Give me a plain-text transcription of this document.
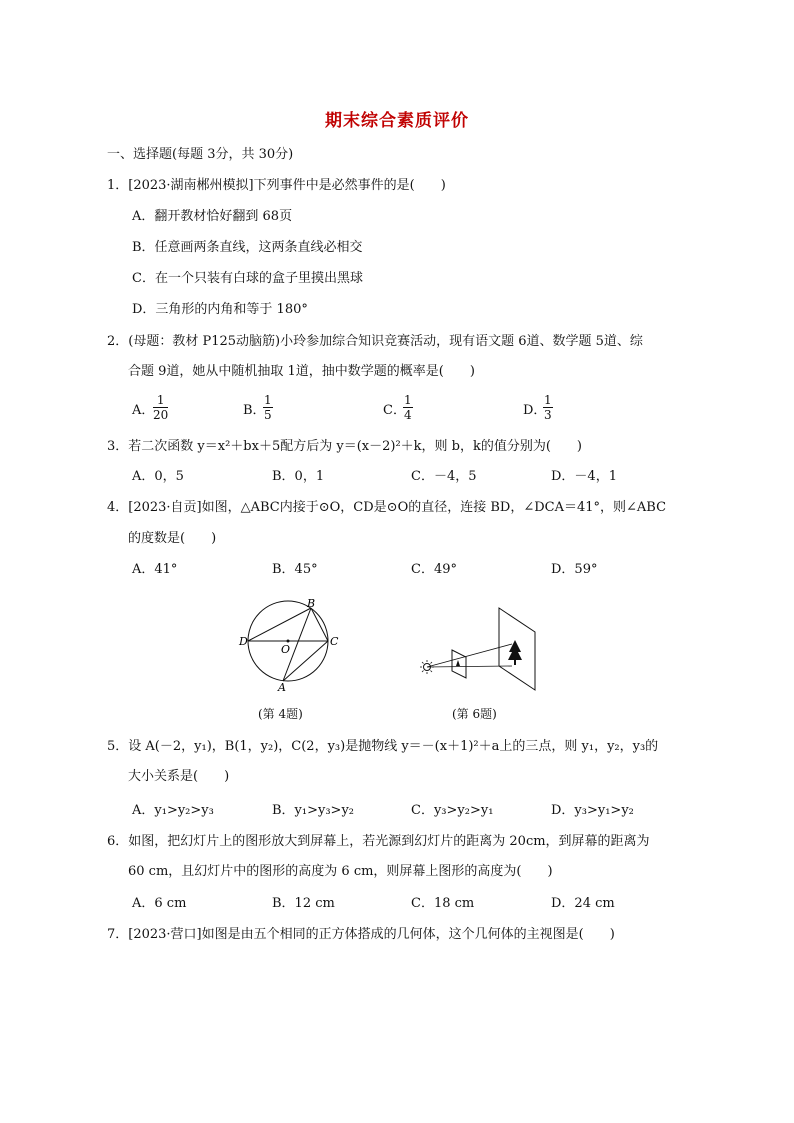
期末综合素质评价
一、选择题(每题 3分，共 30分)
1．[2023·湖南郴州模拟]下列事件中是必然事件的是(　　)
A．翻开教材恰好翻到 68页
B．任意画两条直线，这两条直线必相交
C．在一个只装有白球的盒子里摸出黑球
D．三角形的内角和等于 180°
2．(母题：教材 P125动脑筋)小玲参加综合知识竞赛活动，现有语文题 6道、数学题 5道、综
合题 9道，她从中随机抽取 1道，抽中数学题的概率是(　　)
A．
$\frac{1}{20}$	B．
$\frac{1}{5}$	C．
$\frac{1}{4}$	D．
$\frac{1}{3}$
3．若二次函数 y＝x²＋bx＋5配方后为 y＝(x－2)²＋k，则 b，k的值分别为(　　)
A．0，5	B．0，1	C．－4，5	D．－4，1
4．[2023·自贡]如图，△ABC内接于⊙O，CD是⊙O的直径，连接 BD，∠DCA＝41°，则∠ABC
的度数是(　　)
A．41°	B．45°	C．49°	D．59°
B
D
O
C
A
(第 4题)	(第 6题)
5．设 A(－2，y₁)，B(1，y₂)，C(2，y₃)是抛物线 y＝－(x＋1)²＋a上的三点，则 y₁，y₂，y₃的
大小关系是(　　)
A．y₁>y₂>y₃	B．y₁>y₃>y₂	C．y₃>y₂>y₁	D．y₃>y₁>y₂
6．如图，把幻灯片上的图形放大到屏幕上，若光源到幻灯片的距离为 20cm，到屏幕的距离为
60 cm，且幻灯片中的图形的高度为 6 cm，则屏幕上图形的高度为(　　)
A．6 cm	B．12 cm	C．18 cm	D．24 cm
7．[2023·营口]如图是由五个相同的正方体搭成的几何体，这个几何体的主视图是(　　)
